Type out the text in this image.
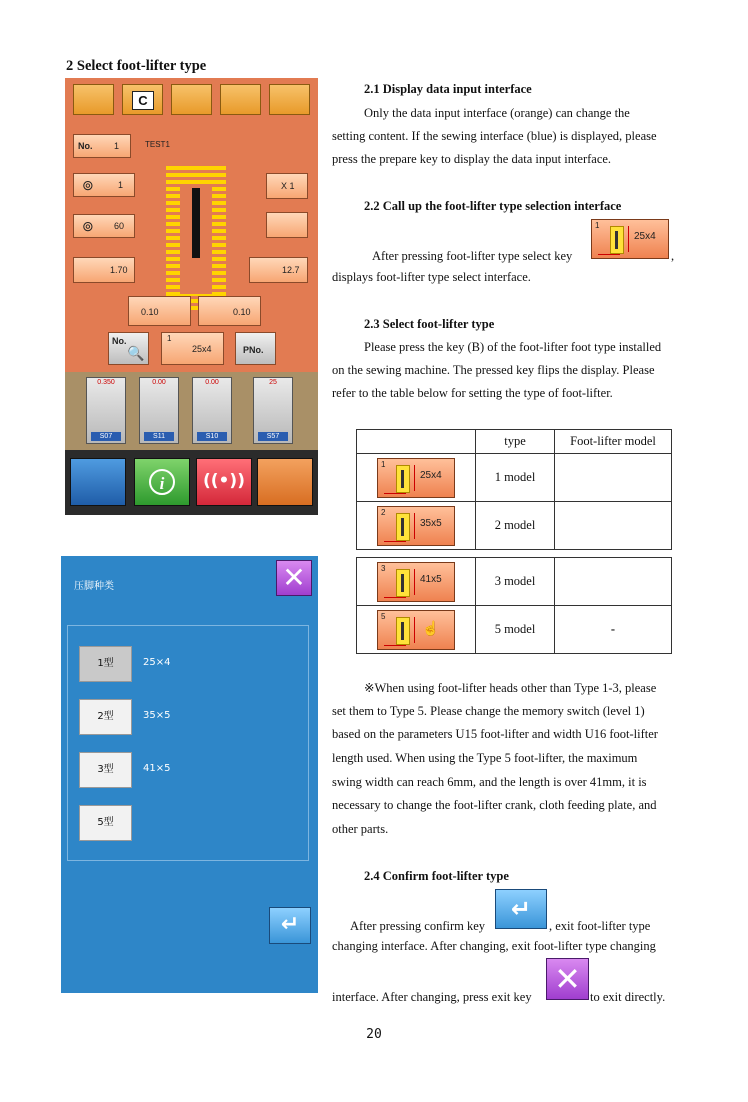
2 Select foot-lifter type
C
No. 1	TEST1
⊚	1
⊚ 60
1.70
X 1
12.7
0.10	0.10
No.
🔍
1
25x4	PNo.
0.350
S07
0.00
S11
0.00
S10
25
S57
i	((•))
压脚种类	✕
1型	25×4
2型	35×5
3型	41×5
5型
↵
2.1 Display data input interface
Only the data input interface (orange) can change the
setting content. If the sewing interface (blue) is displayed, please
press the prepare key to display the data input interface.
2.2 Call up the foot-lifter type selection interface
After pressing foot-lifter type select key
1
25x4
,
displays foot-lifter type select interface.
2.3 Select foot-lifter type
Please press the key (B) of the foot-lifter foot type installed
on the sewing machine. The pressed key flips the display. Please
refer to the table below for setting the type of foot-lifter.
	type	Foot-lifter model

1
25x4	1 model	

2
35x5	2 model	
3
41x5	3 model	

5
☝	5 model	-
※When using foot-lifter heads other than Type 1-3, please
set them to Type 5. Please change the memory switch (level 1)
based on the parameters U15 foot-lifter and width U16 foot-lifter
length used. When using the Type 5 foot-lifter, the maximum
swing width can reach 6mm, and the length is over 41mm, it is
necessary to change the foot-lifter crank, cloth feeding plate, and
other parts.
2.4 Confirm foot-lifter type
After pressing confirm key
↵
, exit foot-lifter type
changing interface. After changing, exit foot-lifter type changing
interface. After changing, press exit key ✕ to exit directly.
20
